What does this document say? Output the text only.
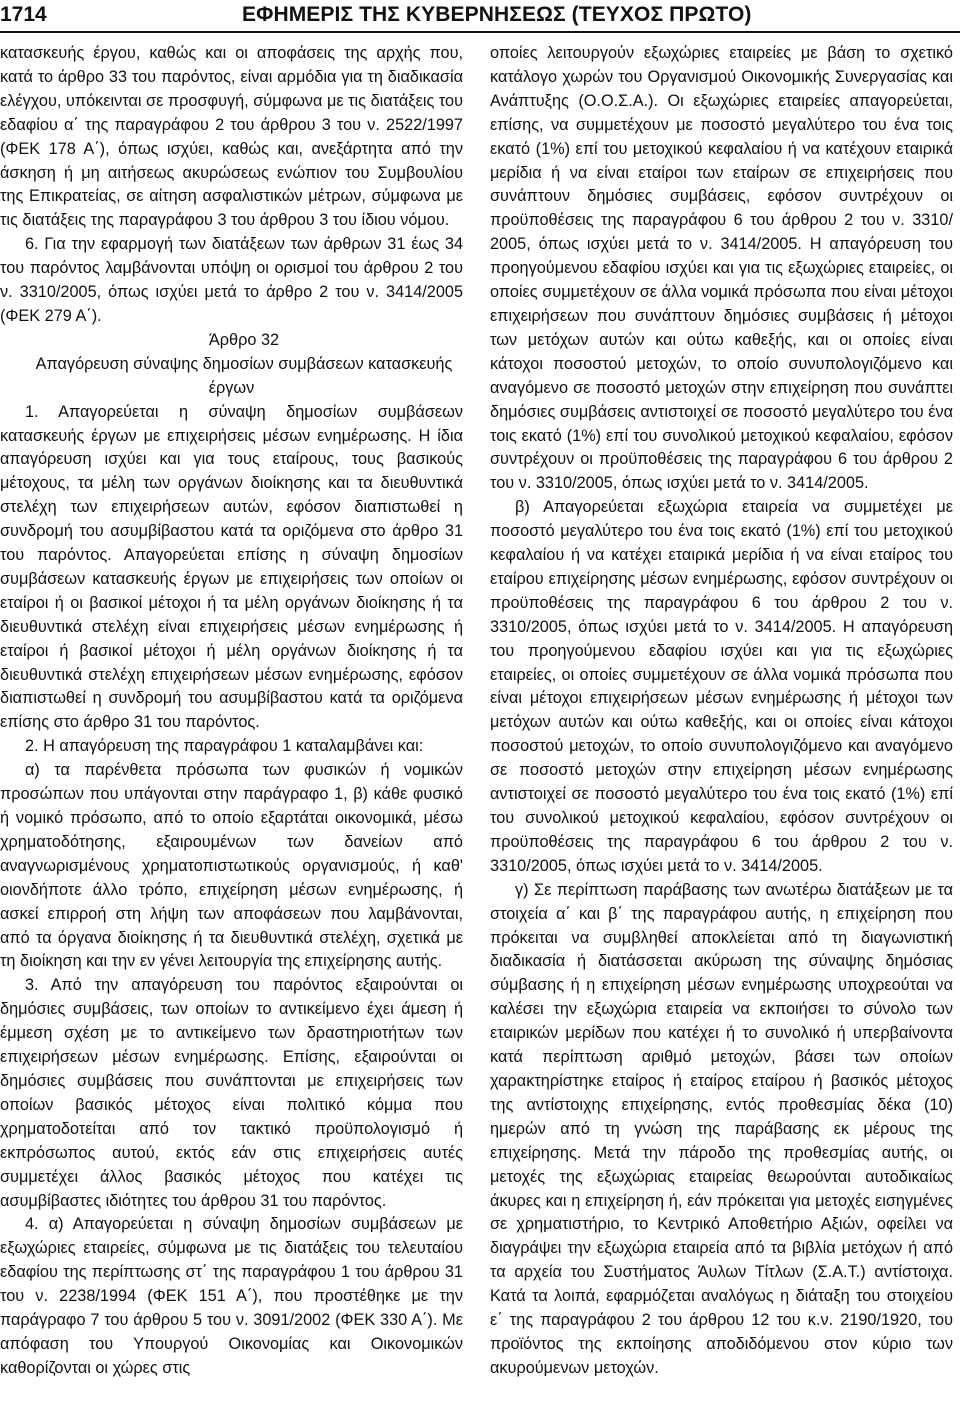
1714	ΕΦΗΜΕΡΙΣ ΤΗΣ ΚΥΒΕΡΝΗΣΕΩΣ (ΤΕΥΧΟΣ ΠΡΩΤΟ)

κατασκευής έργου, καθώς και οι αποφάσεις της αρχής που, κατά το άρθρο 33 του παρόντος, είναι αρμόδια για τη διαδικασία ελέγχου, υπόκεινται σε προσφυγή, σύμφωνα με τις διατάξεις του εδαφίου α΄ της παραγράφου 2 του άρθρου 3 του ν. 2522/1997 (ΦΕΚ 178 Α΄), όπως ισχύει, καθώς και, ανεξάρτητα από την άσκηση ή μη αιτήσεως ακυρώσεως ενώπιον του Συμβουλίου της Επικρατείας, σε αίτηση ασφαλιστικών μέτρων, σύμφωνα με τις διατάξεις της παραγράφου 3 του άρθρου 3 του ίδιου νόμου.

6. Για την εφαρμογή των διατάξεων των άρθρων 31 έως 34 του παρόντος λαμβάνονται υπόψη οι ορισμοί του άρθρου 2 του ν. 3310/2005, όπως ισχύει μετά το άρθρο 2 του ν. 3414/2005 (ΦΕΚ 279 Α΄).

Άρθρο 32

Απαγόρευση σύναψης δημοσίων συμβάσεων κατασκευής έργων

1. Απαγορεύεται η σύναψη δημοσίων συμβάσεων κατασκευής έργων με επιχειρήσεις μέσων ενημέρωσης. Η ίδια απαγόρευση ισχύει και για τους εταίρους, τους βασικούς μέτοχους, τα μέλη των οργάνων διοίκησης και τα διευθυντικά στελέχη των επιχειρήσεων αυτών, εφόσον διαπιστωθεί η συνδρομή του ασυμβίβαστου κατά τα οριζόμενα στο άρθρο 31 του παρόντος. Απαγορεύεται επίσης η σύναψη δημοσίων συμβάσεων κατασκευής έργων με επιχειρήσεις των οποίων οι εταίροι ή οι βασικοί μέτοχοι ή τα μέλη οργάνων διοίκησης ή τα διευθυντικά στελέχη είναι επιχειρήσεις μέσων ενημέρωσης ή εταίροι ή βασικοί μέτοχοι ή μέλη οργάνων διοίκησης ή τα διευθυντικά στελέχη επιχειρήσεων μέσων ενημέρωσης, εφόσον διαπιστωθεί η συνδρομή του ασυμβίβαστου κατά τα οριζόμενα επίσης στο άρθρο 31 του παρόντος.

2. Η απαγόρευση της παραγράφου 1 καταλαμβάνει και:

α) τα παρένθετα πρόσωπα των φυσικών ή νομικών προσώπων που υπάγονται στην παράγραφο 1, β) κάθε φυσικό ή νομικό πρόσωπο, από το οποίο εξαρτάται οικονομικά, μέσω χρηματοδότησης, εξαιρουμένων των δανείων από αναγνωρισμένους χρηματοπιστωτικούς οργανισμούς, ή καθ' οιονδήποτε άλλο τρόπο, επιχείρηση μέσων ενημέρωσης, ή ασκεί επιρροή στη λήψη των αποφάσεων που λαμβάνονται, από τα όργανα διοίκησης ή τα διευθυντικά στελέχη, σχετικά με τη διοίκηση και την εν γένει λειτουργία της επιχείρησης αυτής.

3. Από την απαγόρευση του παρόντος εξαιρούνται οι δημόσιες συμβάσεις, των οποίων το αντικείμενο έχει άμεση ή έμμεση σχέση με το αντικείμενο των δραστηριοτήτων των επιχειρήσεων μέσων ενημέρωσης. Επίσης, εξαιρούνται οι δημόσιες συμβάσεις που συνάπτονται με επιχειρήσεις των οποίων βασικός μέτοχος είναι πολιτικό κόμμα που χρηματοδοτείται από τον τακτικό προϋπολογισμό ή εκπρόσωπος αυτού, εκτός εάν στις επιχειρήσεις αυτές συμμετέχει άλλος βασικός μέτοχος που κατέχει τις ασυμβίβαστες ιδιότητες του άρθρου 31 του παρόντος.

4. α) Απαγορεύεται η σύναψη δημοσίων συμβάσεων με εξωχώριες εταιρείες, σύμφωνα με τις διατάξεις του τελευταίου εδαφίου της περίπτωσης στ΄ της παραγράφου 1 του άρθρου 31 του ν. 2238/1994 (ΦΕΚ 151 Α΄), που προστέθηκε με την παράγραφο 7 του άρθρου 5 του ν. 3091/2002 (ΦΕΚ 330 Α΄). Με απόφαση του Υπουργού Οικονομίας και Οικονομικών καθορίζονται οι χώρες στις

οποίες λειτουργούν εξωχώριες εταιρείες με βάση το σχετικό κατάλογο χωρών του Οργανισμού Οικονομικής Συνεργασίας και Ανάπτυξης (Ο.Ο.Σ.Α.). Οι εξωχώριες εταιρείες απαγορεύεται, επίσης, να συμμετέχουν με ποσοστό μεγαλύτερο του ένα τοις εκατό (1%) επί του μετοχικού κεφαλαίου ή να κατέχουν εταιρικά μερίδια ή να είναι εταίροι των εταίρων σε επιχειρήσεις που συνάπτουν δημόσιες συμβάσεις, εφόσον συντρέχουν οι προϋποθέσεις της παραγράφου 6 του άρθρου 2 του ν. 3310/ 2005, όπως ισχύει μετά το ν. 3414/2005. Η απαγόρευση του προηγούμενου εδαφίου ισχύει και για τις εξωχώριες εταιρείες, οι οποίες συμμετέχουν σε άλλα νομικά πρόσωπα που είναι μέτοχοι επιχειρήσεων που συνάπτουν δημόσιες συμβάσεις ή μέτοχοι των μετόχων αυτών και ούτω καθεξής, και οι οποίες είναι κάτοχοι ποσοστού μετοχών, το οποίο συνυπολογιζόμενο και αναγόμενο σε ποσοστό μετοχών στην επιχείρηση που συνάπτει δημόσιες συμβάσεις αντιστοιχεί σε ποσοστό μεγαλύτερο του ένα τοις εκατό (1%) επί του συνολικού μετοχικού κεφαλαίου, εφόσον συντρέχουν οι προϋποθέσεις της παραγράφου 6 του άρθρου 2 του ν. 3310/2005, όπως ισχύει μετά το ν. 3414/2005.

β) Απαγορεύεται εξωχώρια εταιρεία να συμμετέχει με ποσοστό μεγαλύτερο του ένα τοις εκατό (1%) επί του μετοχικού κεφαλαίου ή να κατέχει εταιρικά μερίδια ή να είναι εταίρος του εταίρου επιχείρησης μέσων ενημέρωσης, εφόσον συντρέχουν οι προϋποθέσεις της παραγράφου 6 του άρθρου 2 του ν. 3310/2005, όπως ισχύει μετά το ν. 3414/2005. Η απαγόρευση του προηγούμενου εδαφίου ισχύει και για τις εξωχώριες εταιρείες, οι οποίες συμμετέχουν σε άλλα νομικά πρόσωπα που είναι μέτοχοι επιχειρήσεων μέσων ενημέρωσης ή μέτοχοι των μετόχων αυτών και ούτω καθεξής, και οι οποίες είναι κάτοχοι ποσοστού μετοχών, το οποίο συνυπολογιζόμενο και αναγόμενο σε ποσοστό μετοχών στην επιχείρηση μέσων ενημέρωσης αντιστοιχεί σε ποσοστό μεγαλύτερο του ένα τοις εκατό (1%) επί του συνολικού μετοχικού κεφαλαίου, εφόσον συντρέχουν οι προϋποθέσεις της παραγράφου 6 του άρθρου 2 του ν. 3310/2005, όπως ισχύει μετά το ν. 3414/2005.

γ) Σε περίπτωση παράβασης των ανωτέρω διατάξεων με τα στοιχεία α΄ και β΄ της παραγράφου αυτής, η επιχείρηση που πρόκειται να συμβληθεί αποκλείεται από τη διαγωνιστική διαδικασία ή διατάσσεται ακύρωση της σύναψης δημόσιας σύμβασης ή η επιχείρηση μέσων ενημέρωσης υποχρεούται να καλέσει την εξωχώρια εταιρεία να εκποιήσει το σύνολο των εταιρικών μερίδων που κατέχει ή το συνολικό ή υπερβαίνοντα κατά περίπτωση αριθμό μετοχών, βάσει των οποίων χαρακτηρίστηκε εταίρος ή εταίρος εταίρου ή βασικός μέτοχος της αντίστοιχης επιχείρησης, εντός προθεσμίας δέκα (10) ημερών από τη γνώση της παράβασης εκ μέρους της επιχείρησης. Μετά την πάροδο της προθεσμίας αυτής, οι μετοχές της εξωχώριας εταιρείας θεωρούνται αυτοδικαίως άκυρες και η επιχείρηση ή, εάν πρόκειται για μετοχές εισηγμένες σε χρηματιστήριο, το Κεντρικό Αποθετήριο Αξιών, οφείλει να διαγράψει την εξωχώρια εταιρεία από τα βιβλία μετόχων ή από τα αρχεία του Συστήματος Άυλων Τίτλων (Σ.Α.Τ.) αντίστοιχα. Κατά τα λοιπά, εφαρμόζεται αναλόγως η διάταξη του στοιχείου ε΄ της παραγράφου 2 του άρθρου 12 του κ.ν. 2190/1920, του προϊόντος της εκποίησης αποδιδόμενου στον κύριο των ακυρούμενων μετοχών.
